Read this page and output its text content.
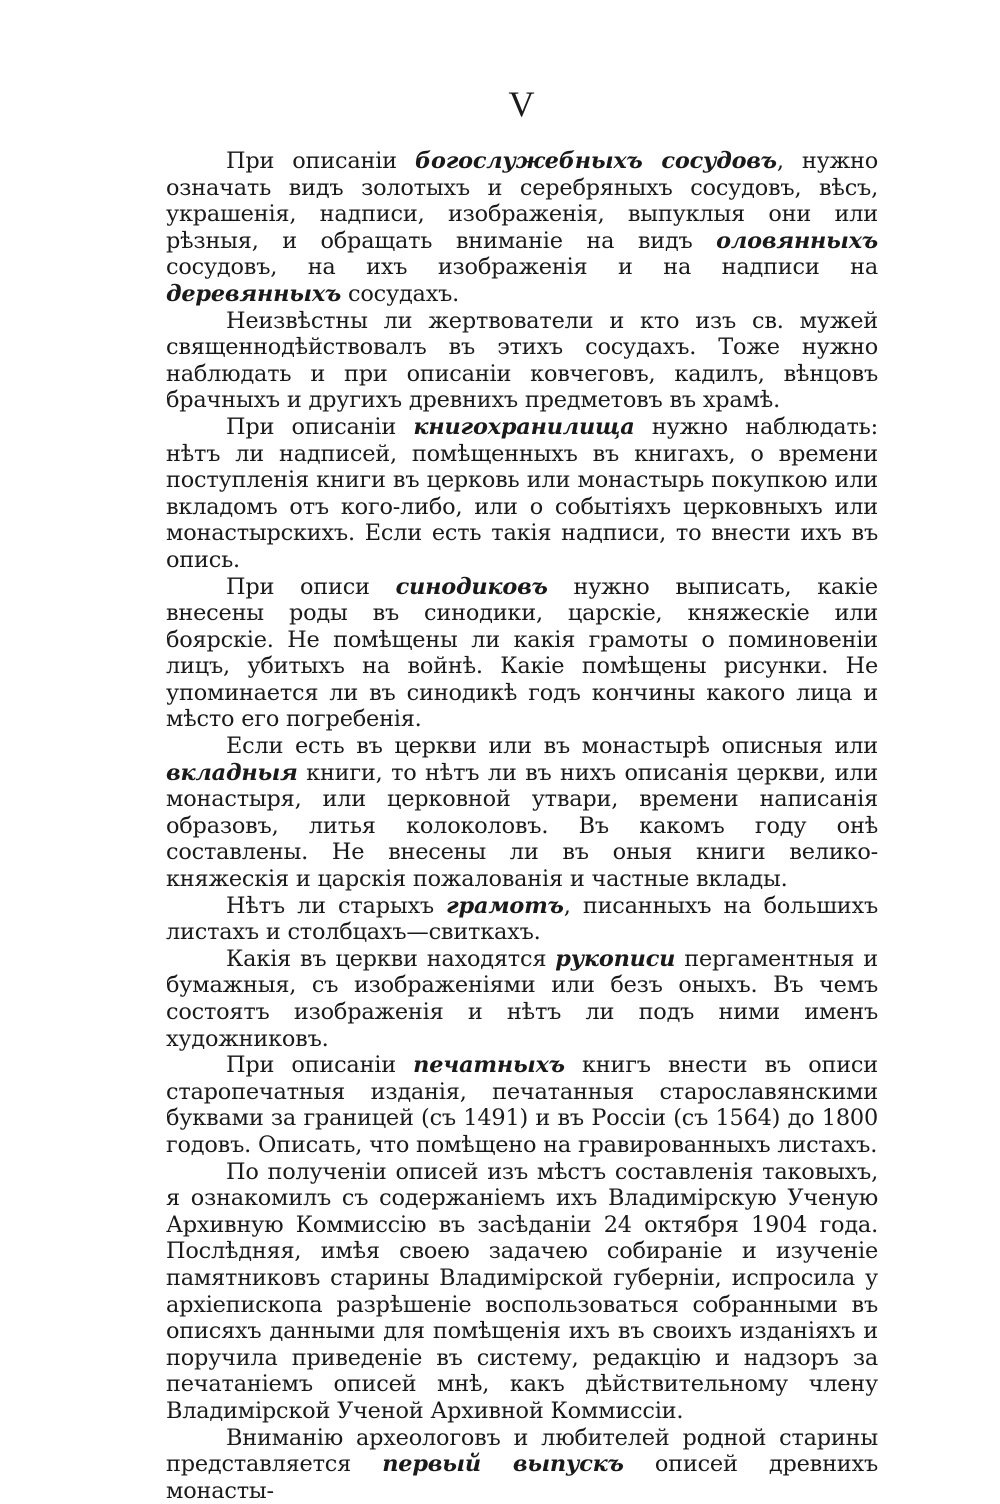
V

При описанiи богослужебныхъ сосудовъ, нужно означать видъ золотыхъ и серебряныхъ сосудовъ, вѣсъ, украшенiя, надписи, изображенiя, выпуклыя они или рѣзныя, и обращать вниманiе на видъ оловянныхъ сосудовъ, на ихъ изображенiя и на надписи на деревянныхъ сосудахъ.

Неизвѣстны ли жертвователи и кто изъ св. мужей священнодѣйствовалъ въ этихъ сосудахъ. Тоже нужно наблюдать и при описанiи ковчеговъ, кадилъ, вѣнцовъ брачныхъ и другихъ древнихъ предметовъ въ храмѣ.

При описанiи книгохранилища нужно наблюдать: нѣтъ ли надписей, помѣщенныхъ въ книгахъ, о времени поступленiя книги въ церковь или монастырь покупкою или вкладомъ отъ кого-либо, или о событiяхъ церковныхъ или монастырскихъ. Если есть такiя надписи, то внести ихъ въ опись.

При описи синодиковъ нужно выписать, какiе внесены роды въ синодики, царскiе, княжескiе или боярскiе. Не помѣщены ли какiя грамоты о поминовенiи лицъ, убитыхъ на войнѣ. Какiе помѣщены рисунки. Не упоминается ли въ синодикѣ годъ кончины какого лица и мѣсто его погребенiя.

Если есть въ церкви или въ монастырѣ описныя или вкладныя книги, то нѣтъ ли въ нихъ описанiя церкви, или монастыря, или церковной утвари, времени написанiя образовъ, литья колоколовъ. Въ какомъ году онѣ составлены. Не внесены ли въ оныя книги велико-княжескiя и царскiя пожалованiя и частные вклады.

Нѣтъ ли старыхъ грамотъ, писанныхъ на большихъ листахъ и столбцахъ—свиткахъ.

Какiя въ церкви находятся рукописи пергаментныя и бумажныя, съ изображенiями или безъ оныхъ. Въ чемъ состоятъ изображенiя и нѣтъ ли подъ ними именъ художниковъ.

При описанiи печатныхъ книгъ внести въ описи старопечатныя изданiя, печатанныя старославянскими буквами за границей (съ 1491) и въ Россiи (съ 1564) до 1800 годовъ. Описать, что помѣщено на гравированныхъ листахъ.

По полученiи описей изъ мѣстъ составленiя таковыхъ, я ознакомилъ съ содержанiемъ ихъ Владимiрскую Ученую Архивную Коммиссiю въ засѣданiи 24 октября 1904 года. Послѣдняя, имѣя своею задачею собиранiе и изученiе памятниковъ старины Владимiрской губернiи, испросила у архiепископа разрѣшенiе воспользоваться собранными въ описяхъ данными для помѣщенiя ихъ въ своихъ изданiяхъ и поручила приведенiе въ систему, редакцiю и надзоръ за печатанiемъ описей мнѣ, какъ дѣйствительному члену Владимiрской Ученой Архивной Коммиссiи.

Вниманiю археологовъ и любителей родной старины представляется первый выпускъ описей древнихъ монасты-
